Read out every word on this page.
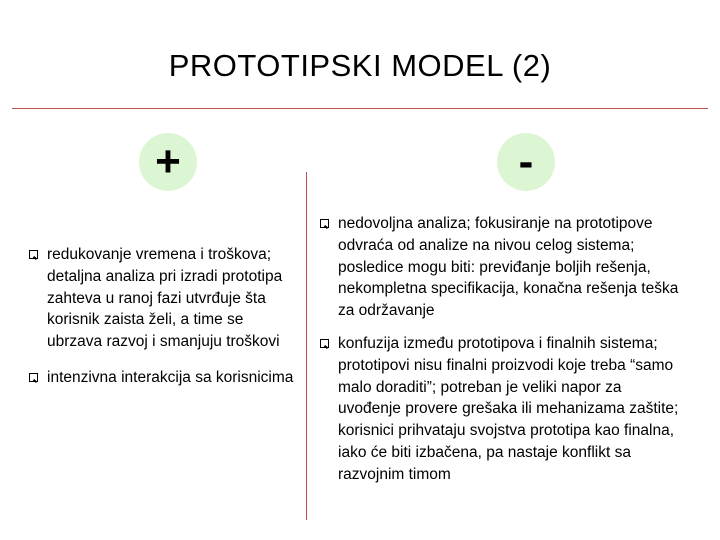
PROTOTIPSKI MODEL (2)
+	-
redukovanje vremena i troškova; detaljna analiza pri izradi prototipa zahteva u ranoj fazi utvrđuje šta korisnik zaista želi, a time se ubrzava razvoj i smanjuju troškovi
intenzivna interakcija sa korisnicima
nedovoljna analiza; fokusiranje na prototipove odvraća od analize na nivou celog sistema; posledice mogu biti: previđanje boljih rešenja, nekompletna specifikacija, konačna rešenja teška za održavanje
konfuzija između prototipova i finalnih sistema; prototipovi nisu finalni proizvodi koje treba “samo malo doraditi”; potreban je veliki napor za uvođenje provere grešaka ili mehanizama zaštite; korisnici prihvataju svojstva prototipa kao finalna, iako će biti izbačena, pa nastaje konflikt sa razvojnim timom
